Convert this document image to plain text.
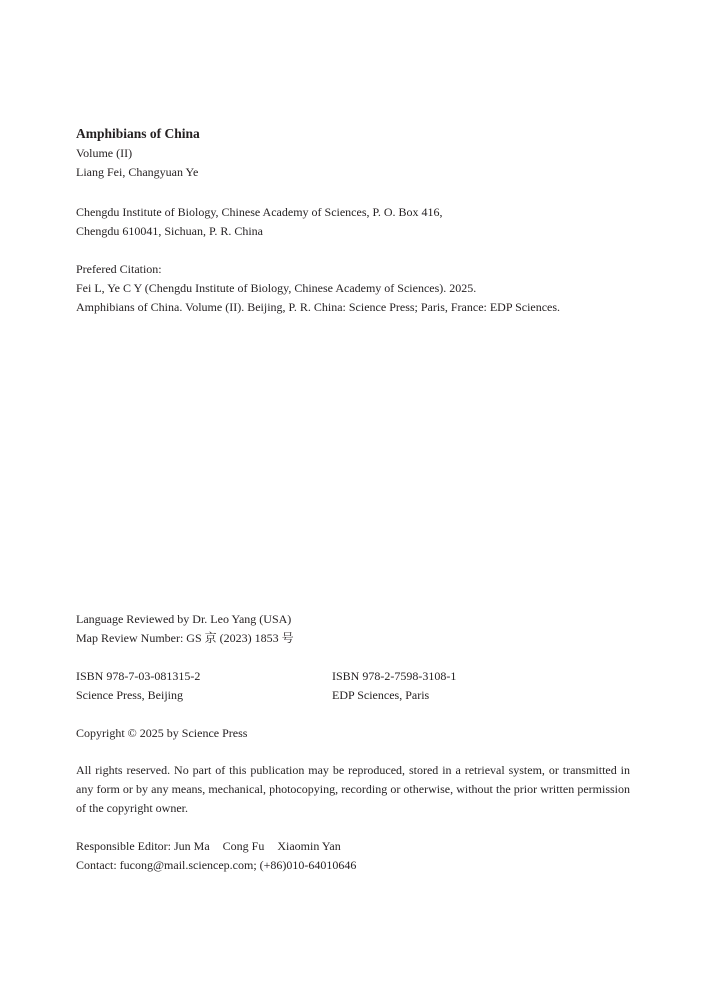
Amphibians of China
Volume (II)
Liang Fei, Changyuan Ye
Chengdu Institute of Biology, Chinese Academy of Sciences, P. O. Box 416,
Chengdu 610041, Sichuan, P. R. China
Prefered Citation:
Fei L, Ye C Y (Chengdu Institute of Biology, Chinese Academy of Sciences). 2025.
Amphibians of China. Volume (II). Beijing, P. R. China: Science Press; Paris, France: EDP Sciences.
Language Reviewed by Dr. Leo Yang (USA)
Map Review Number: GS 京 (2023) 1853 号
ISBN 978-7-03-081315-2
Science Press, Beijing
ISBN 978-2-7598-3108-1
EDP Sciences, Paris
Copyright © 2025 by Science Press
All rights reserved. No part of this publication may be reproduced, stored in a retrieval system, or transmitted in any form or by any means, mechanical, photocopying, recording or otherwise, without the prior written permission of the copyright owner.
Responsible Editor: Jun Ma Cong Fu Xiaomin Yan
Contact: fucong@mail.sciencep.com; (+86)010-64010646
